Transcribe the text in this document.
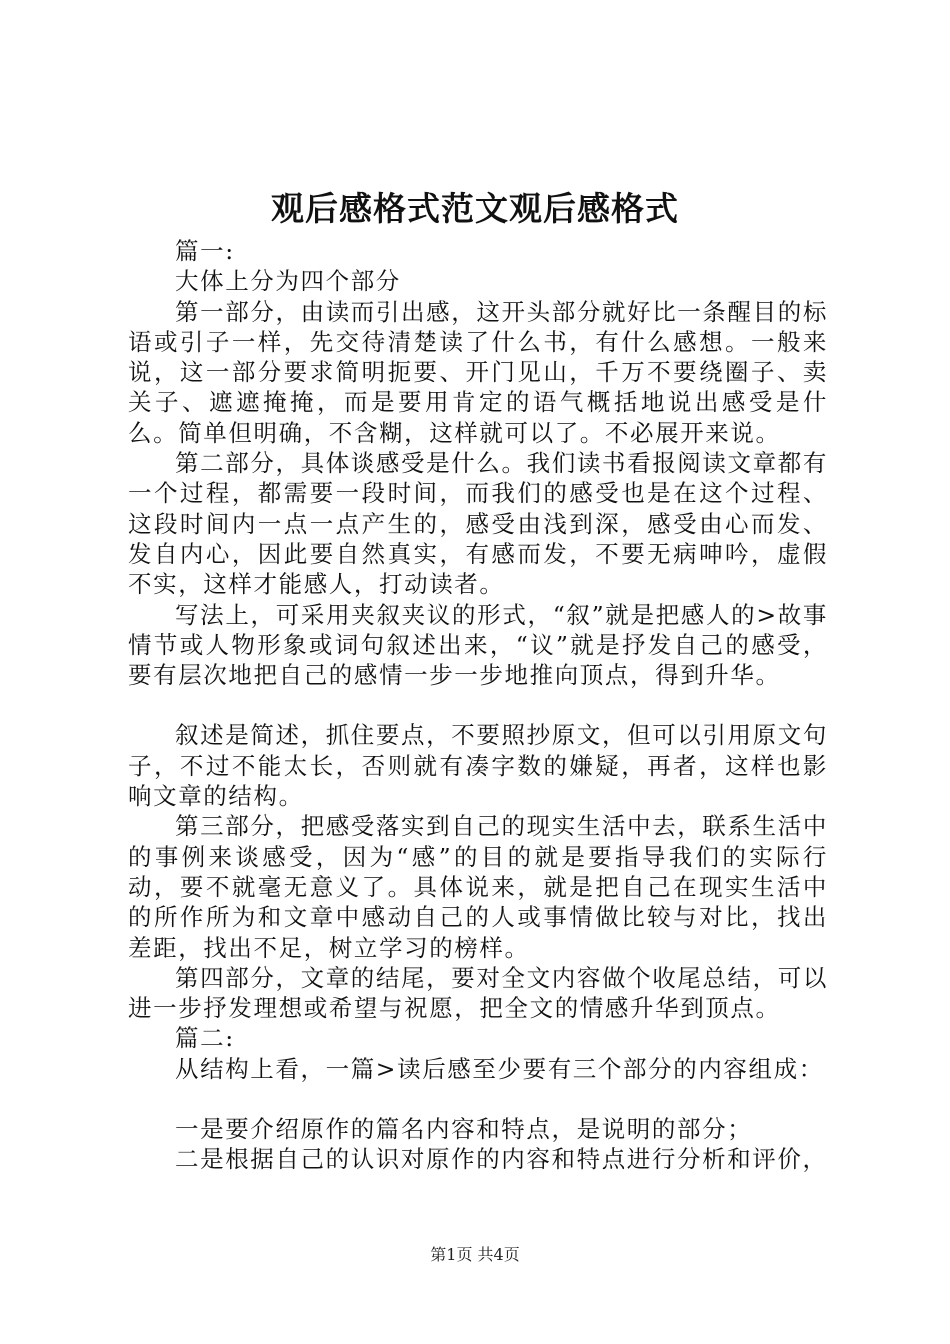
观后感格式范文观后感格式

篇一:

大体上分为四个部分

第一部分，由读而引出感，这开头部分就好比一条醒目的标语或引子一样，先交待清楚读了什么书，有什么感想。一般来说，这一部分要求简明扼要、开门见山，千万不要绕圈子、卖关子、遮遮掩掩，而是要用肯定的语气概括地说出感受是什么。简单但明确，不含糊，这样就可以了。不必展开来说。

第二部分，具体谈感受是什么。我们读书看报阅读文章都有一个过程，都需要一段时间，而我们的感受也是在这个过程、这段时间内一点一点产生的，感受由浅到深，感受由心而发、发自内心，因此要自然真实，有感而发，不要无病呻吟，虚假不实，这样才能感人，打动读者。

写法上，可采用夹叙夹议的形式，“叙”就是把感人的>故事情节或人物形象或词句叙述出来，“议”就是抒发自己的感受，要有层次地把自己的感情一步一步地推向顶点，得到升华。

叙述是简述，抓住要点，不要照抄原文，但可以引用原文句子，不过不能太长，否则就有凑字数的嫌疑，再者，这样也影响文章的结构。

第三部分，把感受落实到自己的现实生活中去，联系生活中的事例来谈感受，因为“感”的目的就是要指导我们的实际行动，要不就毫无意义了。具体说来，就是把自己在现实生活中的所作所为和文章中感动自己的人或事情做比较与对比，找出差距，找出不足，树立学习的榜样。

第四部分，文章的结尾，要对全文内容做个收尾总结，可以进一步抒发理想或希望与祝愿，把全文的情感升华到顶点。

篇二:

从结构上看，一篇>读后感至少要有三个部分的内容组成：

一是要介绍原作的篇名内容和特点，是说明的部分；

二是根据自己的认识对原作的内容和特点进行分析和评价，

第1页 共4页
